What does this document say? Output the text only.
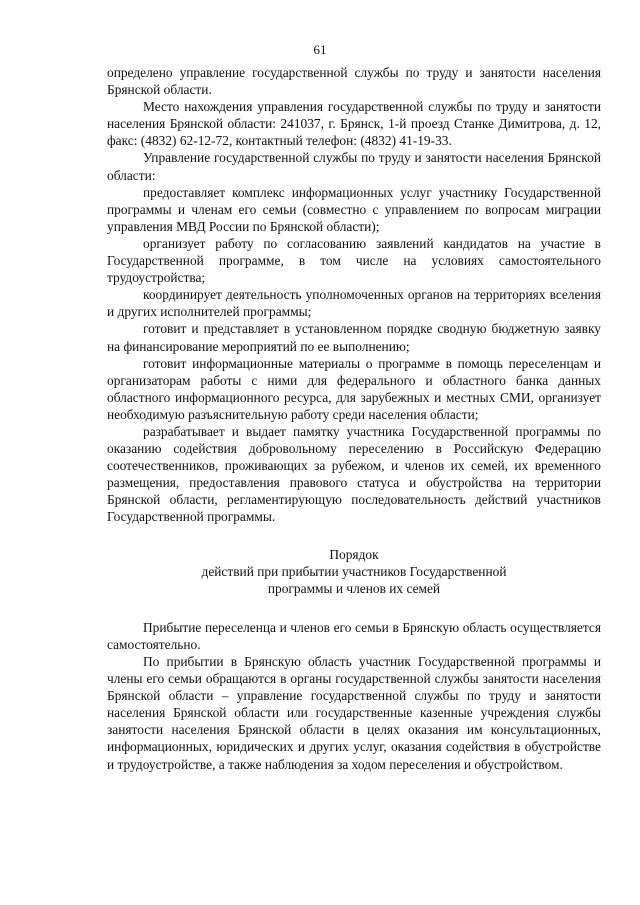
61

определено управление государственной службы по труду и занятости населения Брянской области.

Место нахождения управления государственной службы по труду и занятости населения Брянской области: 241037, г. Брянск, 1-й проезд Станке Димитрова, д. 12, факс: (4832) 62-12-72, контактный телефон: (4832) 41-19-33.

Управление государственной службы по труду и занятости населения Брянской области:

предоставляет комплекс информационных услуг участнику Государственной программы и членам его семьи (совместно с управлением по вопросам миграции управления МВД России по Брянской области);

организует работу по согласованию заявлений кандидатов на участие в Государственной программе, в том числе на условиях самостоятельного трудоустройства;

координирует деятельность уполномоченных органов на территориях вселения и других исполнителей программы;

готовит и представляет в установленном порядке сводную бюджетную заявку на финансирование мероприятий по ее выполнению;

готовит информационные материалы о программе в помощь переселенцам и организаторам работы с ними для федерального и областного банка данных областного информационного ресурса, для зарубежных и местных СМИ, организует необходимую разъяснительную работу среди населения области;

разрабатывает и выдает памятку участника Государственной программы по оказанию содействия добровольному переселению в Российскую Федерацию соотечественников, проживающих за рубежом, и членов их семей, их временного размещения, предоставления правового статуса и обустройства на территории Брянской области, регламентирующую последовательность действий участников Государственной программы.

Порядок
действий при прибытии участников Государственной
программы и членов их семей

Прибытие переселенца и членов его семьи в Брянскую область осуществляется самостоятельно.

По прибытии в Брянскую область участник Государственной программы и члены его семьи обращаются в органы государственной службы занятости населения Брянской области – управление государственной службы по труду и занятости населения Брянской области или государственные казенные учреждения службы занятости населения Брянской области в целях оказания им консультационных, информационных, юридических и других услуг, оказания содействия в обустройстве и трудоустройстве, а также наблюдения за ходом переселения и обустройством.
